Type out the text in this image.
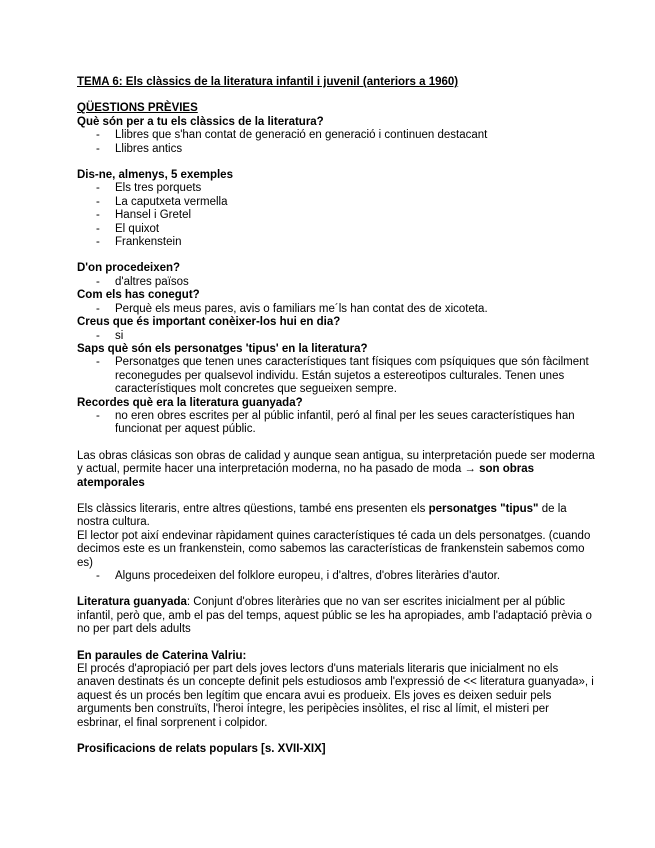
TEMA 6: Els clàssics de la literatura infantil i juvenil (anteriors a 1960)

QÜESTIONS PRÈVIES

Què són per a tu els clàssics de la literatura?

- Llibres que s'han contat de generació en generació i continuen destacant
- Llibres antics

Dis-ne, almenys, 5 exemples

- Els tres porquets
- La caputxeta vermella
- Hansel i Gretel
- El quixot
- Frankenstein

D'on procedeixen?

- d'altres països

Com els has conegut?

- Perquè els meus pares, avis o familiars me´ls han contat des de xicoteta.

Creus que és important conèixer-los hui en dia?

- si

Saps què són els personatges 'tipus' en la literatura?

- Personatges que tenen unes característiques tant físiques com psíquiques que són fàcilment reconegudes per qualsevol individu. Están sujetos a estereotipos culturales. Tenen unes característiques molt concretes que segueixen sempre.

Recordes què era la literatura guanyada?

- no eren obres escrites per al públic infantil, peró al final per les seues característiques han funcionat per aquest públic.

Las obras clásicas son obras de calidad y aunque sean antigua, su interpretación puede ser moderna y actual, permite hacer una interpretación moderna, no ha pasado de moda → son obras atemporales

Els clàssics literaris, entre altres qüestions, també ens presenten els personatges "tipus" de la nostra cultura.

El lector pot així endevinar ràpidament quines característiques té cada un dels personatges. (cuando decimos este es un frankenstein, como sabemos las características de frankenstein sabemos como es)

- Alguns procedeixen del folklore europeu, i d'altres, d'obres literàries d'autor.

Literatura guanyada: Conjunt d'obres literàries que no van ser escrites inicialment per al públic infantil, però que, amb el pas del temps, aquest públic se les ha apropiades, amb l'adaptació prèvia o no per part dels adults

En paraules de Caterina Valriu:

El procés d'apropiació per part dels joves lectors d'uns materials literaris que inicialment no els anaven destinats és un concepte definit pels estudiosos amb l'expressió de << literatura guanyada», i aquest és un procés ben legítim que encara avui es produeix. Els joves es deixen seduir pels arguments ben construïts, l'heroi íntegre, les peripècies insòlites, el risc al límit, el misteri per esbrinar, el final sorprenent i colpidor.

Prosificacions de relats populars [s. XVII-XIX]
